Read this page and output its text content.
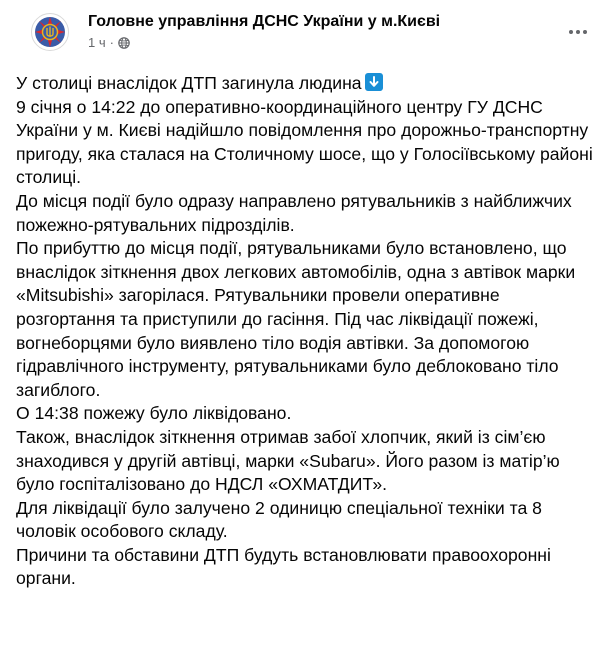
Головне управління ДСНС України у м.Києві
1 ч ·

У столиці внаслідок ДТП загинула людина

9 січня о 14:22 до оперативно-координаційного центру ГУ ДСНС України у м. Києві надійшло повідомлення про дорожньо-транспортну пригоду, яка сталася на Столичному шосе, що у Голосіївському районі столиці.

До місця події було одразу направлено рятувальників з найближчих пожежно-рятувальних підрозділів.

По прибуттю до місця події, рятувальниками було встановлено, що внаслідок зіткнення двох легкових автомобілів, одна з автівок марки «Mitsubishi» загорілася. Рятувальники провели оперативне розгортання та приступили до гасіння. Під час ліквідації пожежі, вогнеборцями було виявлено тіло водія автівки. За допомогою гідравлічного інструменту, рятувальниками було деблоковано тіло загиблого.

О 14:38 пожежу було ліквідовано.

Також, внаслідок зіткнення отримав забої хлопчик, який із сім’єю знаходився у другій автівці, марки «Subaru». Його разом із матір’ю було госпіталізовано до НДСЛ «ОХМАТДИТ».

Для ліквідації було залучено 2 одиницю спеціальної техніки та 8 чоловік особового складу.

Причини та обставини ДТП будуть встановлювати правоохоронні органи.
